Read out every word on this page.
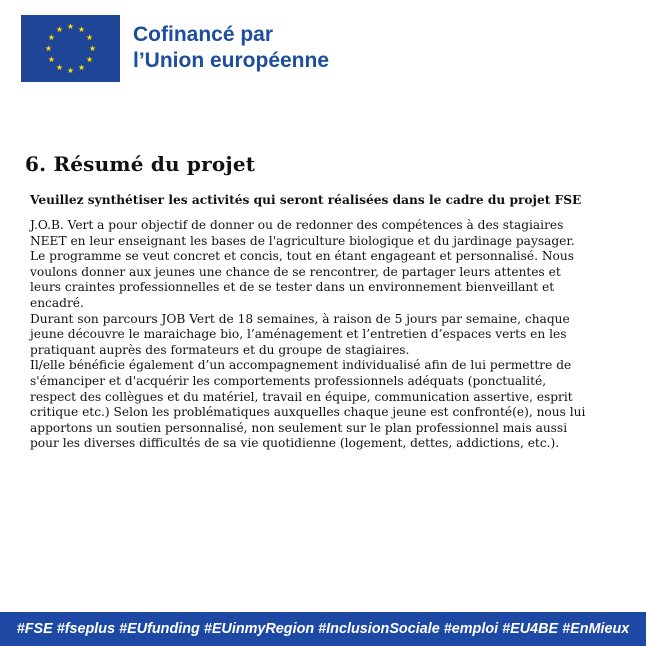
Cofinancé par
l’Union européenne
6. Résumé du projet
Veuillez synthétiser les activités qui seront réalisées dans le cadre du projet FSE

J.O.B. Vert a pour objectif de donner ou de redonner des compétences à des stagiaires

NEET en leur enseignant les bases de l'agriculture biologique et du jardinage paysager.

Le programme se veut concret et concis, tout en étant engageant et personnalisé. Nous

voulons donner aux jeunes une chance de se rencontrer, de partager leurs attentes et

leurs craintes professionnelles et de se tester dans un environnement bienveillant et

encadré.

Durant son parcours JOB Vert de 18 semaines, à raison de 5 jours par semaine, chaque

jeune découvre le maraichage bio, l’aménagement et l’entretien d’espaces verts en les

pratiquant auprès des formateurs et du groupe de stagiaires.

Il/elle bénéficie également d’un accompagnement individualisé afin de lui permettre de

s'émanciper et d'acquérir les comportements professionnels adéquats (ponctualité,

respect des collègues et du matériel, travail en équipe, communication assertive, esprit

critique etc.) Selon les problématiques auxquelles chaque jeune est confronté(e), nous lui

apportons un soutien personnalisé, non seulement sur le plan professionnel mais aussi

pour les diverses difficultés de sa vie quotidienne (logement, dettes, addictions, etc.).

#FSE #fseplus #EUfunding #EUinmyRegion #InclusionSociale #emploi #EU4BE #EnMieux
